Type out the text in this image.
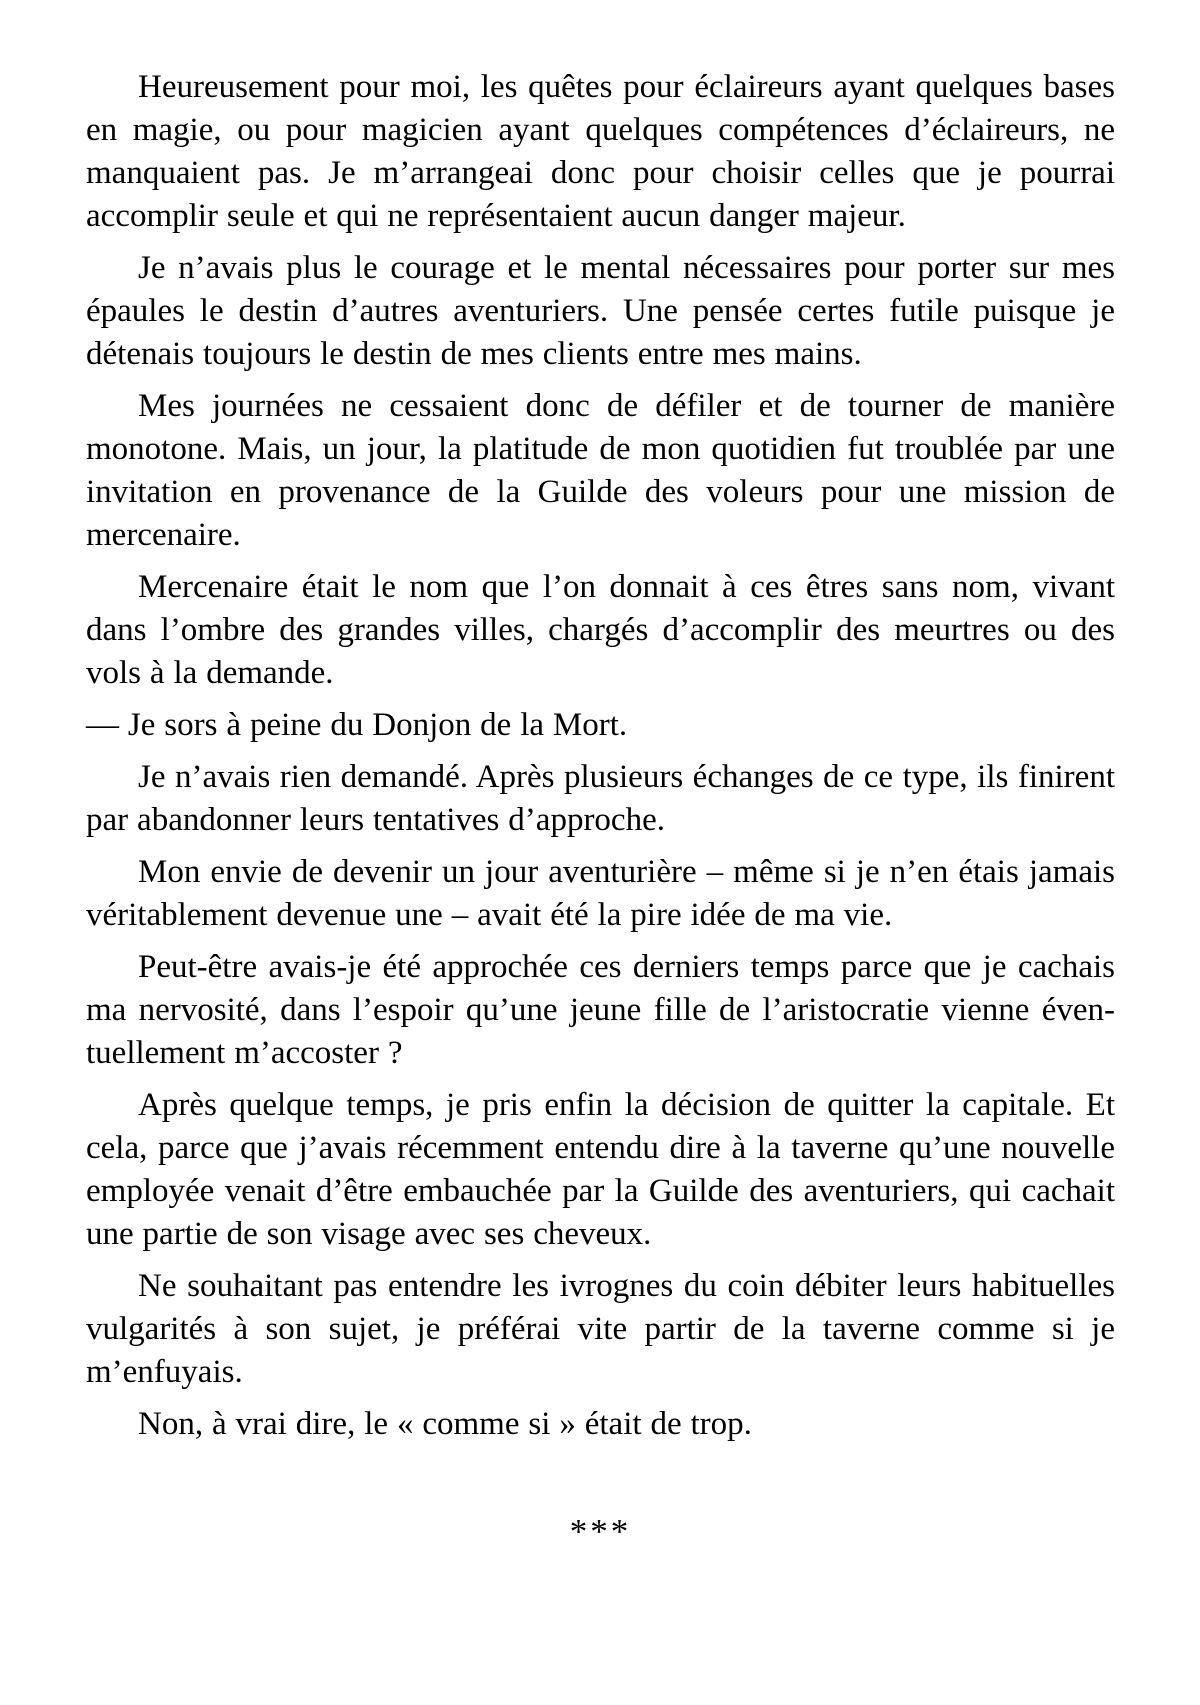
Heureusement pour moi, les quêtes pour éclaireurs ayant quelques bases en magie, ou pour magicien ayant quelques compétences d’éclaireurs, ne manquaient pas. Je m’arrangeai donc pour choisir celles que je pourrai accomplir seule et qui ne représentaient aucun danger majeur.

Je n’avais plus le courage et le mental nécessaires pour porter sur mes épaules le destin d’autres aventuriers. Une pensée certes futile puisque je détenais toujours le destin de mes clients entre mes mains.

Mes journées ne cessaient donc de défiler et de tourner de manière monotone. Mais, un jour, la platitude de mon quotidien fut troublée par une invitation en provenance de la Guilde des voleurs pour une mission de mercenaire.

Mercenaire était le nom que l’on donnait à ces êtres sans nom, vivant dans l’ombre des grandes villes, chargés d’accomplir des meurtres ou des vols à la demande.

— Je sors à peine du Donjon de la Mort.

Je n’avais rien demandé. Après plusieurs échanges de ce type, ils finirent par abandonner leurs tentatives d’approche.

Mon envie de devenir un jour aventurière – même si je n’en étais jamais véritablement devenue une – avait été la pire idée de ma vie.

Peut-être avais-je été approchée ces derniers temps parce que je cachais ma nervosité, dans l’espoir qu’une jeune fille de l’aristocratie vienne éventuellement m’accoster ?

Après quelque temps, je pris enfin la décision de quitter la capitale. Et cela, parce que j’avais récemment entendu dire à la taverne qu’une nouvelle employée venait d’être embauchée par la Guilde des aventuriers, qui cachait une partie de son visage avec ses cheveux.

Ne souhaitant pas entendre les ivrognes du coin débiter leurs habituelles vulgarités à son sujet, je préférai vite partir de la taverne comme si je m’enfuyais.

Non, à vrai dire, le « comme si » était de trop.

***
